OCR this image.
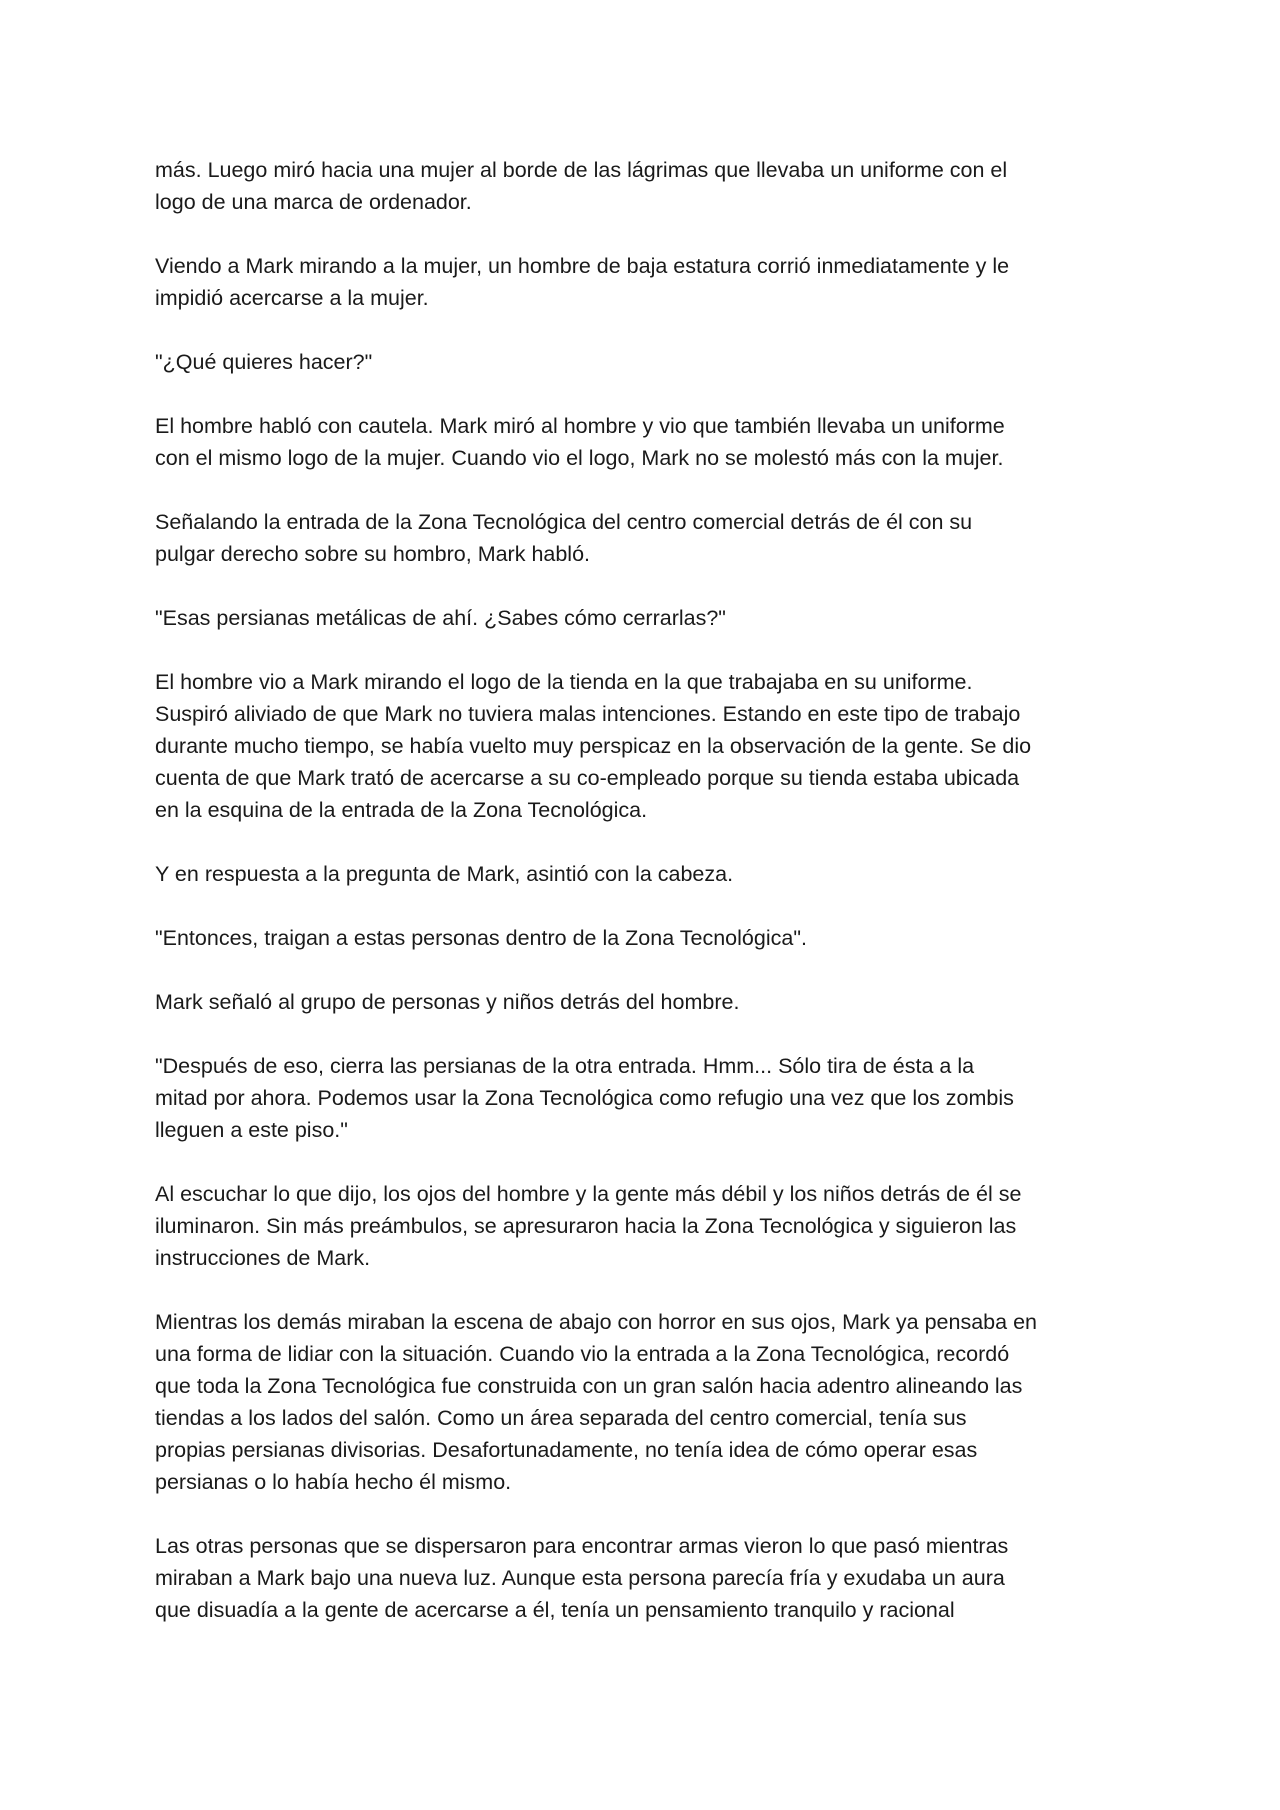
más. Luego miró hacia una mujer al borde de las lágrimas que llevaba un uniforme con el
logo de una marca de ordenador.

Viendo a Mark mirando a la mujer, un hombre de baja estatura corrió inmediatamente y le
impidió acercarse a la mujer.

"¿Qué quieres hacer?"

El hombre habló con cautela. Mark miró al hombre y vio que también llevaba un uniforme
con el mismo logo de la mujer. Cuando vio el logo, Mark no se molestó más con la mujer.

Señalando la entrada de la Zona Tecnológica del centro comercial detrás de él con su
pulgar derecho sobre su hombro, Mark habló.

"Esas persianas metálicas de ahí. ¿Sabes cómo cerrarlas?"

El hombre vio a Mark mirando el logo de la tienda en la que trabajaba en su uniforme.
Suspiró aliviado de que Mark no tuviera malas intenciones. Estando en este tipo de trabajo
durante mucho tiempo, se había vuelto muy perspicaz en la observación de la gente. Se dio
cuenta de que Mark trató de acercarse a su co-empleado porque su tienda estaba ubicada
en la esquina de la entrada de la Zona Tecnológica.

Y en respuesta a la pregunta de Mark, asintió con la cabeza.

"Entonces, traigan a estas personas dentro de la Zona Tecnológica".

Mark señaló al grupo de personas y niños detrás del hombre.

"Después de eso, cierra las persianas de la otra entrada. Hmm... Sólo tira de ésta a la
mitad por ahora. Podemos usar la Zona Tecnológica como refugio una vez que los zombis
lleguen a este piso."

Al escuchar lo que dijo, los ojos del hombre y la gente más débil y los niños detrás de él se
iluminaron. Sin más preámbulos, se apresuraron hacia la Zona Tecnológica y siguieron las
instrucciones de Mark.

Mientras los demás miraban la escena de abajo con horror en sus ojos, Mark ya pensaba en
una forma de lidiar con la situación. Cuando vio la entrada a la Zona Tecnológica, recordó
que toda la Zona Tecnológica fue construida con un gran salón hacia adentro alineando las
tiendas a los lados del salón. Como un área separada del centro comercial, tenía sus
propias persianas divisorias. Desafortunadamente, no tenía idea de cómo operar esas
persianas o lo había hecho él mismo.

Las otras personas que se dispersaron para encontrar armas vieron lo que pasó mientras
miraban a Mark bajo una nueva luz. Aunque esta persona parecía fría y exudaba un aura
que disuadía a la gente de acercarse a él, tenía un pensamiento tranquilo y racional
